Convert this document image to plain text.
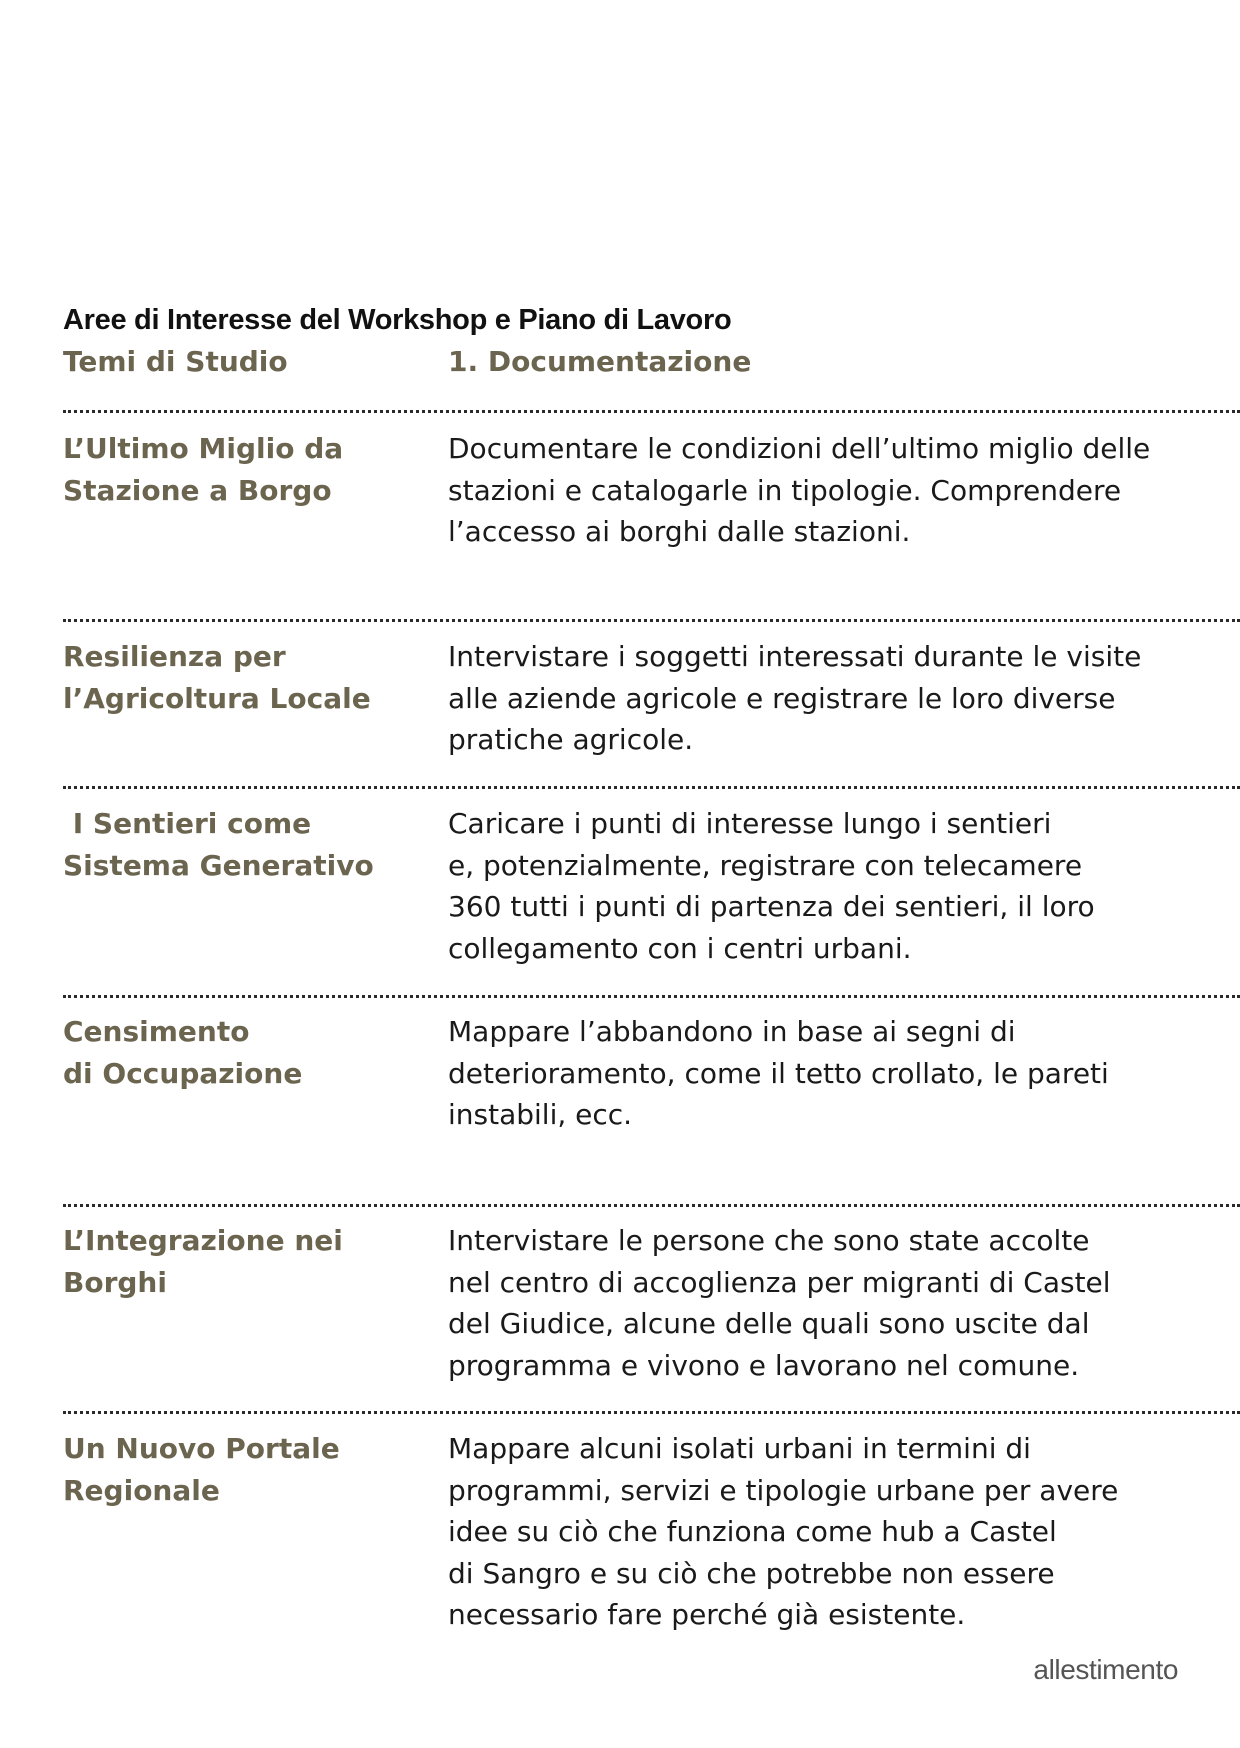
Aree di Interesse del Workshop e Piano di Lavoro
Temi di Studio	1. Documentazione
L’Ultimo Miglio da
Stazione a Borgo
Documentare le condizioni dell’ultimo miglio delle
stazioni e catalogarle in tipologie. Comprendere
l’accesso ai borghi dalle stazioni.
Resilienza per
l’Agricoltura Locale
Intervistare i soggetti interessati durante le visite
alle aziende agricole e registrare le loro diverse
pratiche agricole.
I Sentieri come
Sistema Generativo
Caricare i punti di interesse lungo i sentieri
e, potenzialmente, registrare con telecamere
360 tutti i punti di partenza dei sentieri, il loro
collegamento con i centri urbani.
Censimento
di Occupazione
Mappare l’abbandono in base ai segni di
deterioramento, come il tetto crollato, le pareti
instabili, ecc.
L’Integrazione nei
Borghi
Intervistare le persone che sono state accolte
nel centro di accoglienza per migranti di Castel
del Giudice, alcune delle quali sono uscite dal
programma e vivono e lavorano nel comune.
Un Nuovo Portale
Regionale
Mappare alcuni isolati urbani in termini di
programmi, servizi e tipologie urbane per avere
idee su ciò che funziona come hub a Castel
di Sangro e su ciò che potrebbe non essere
necessario fare perché già esistente.
allestimento
